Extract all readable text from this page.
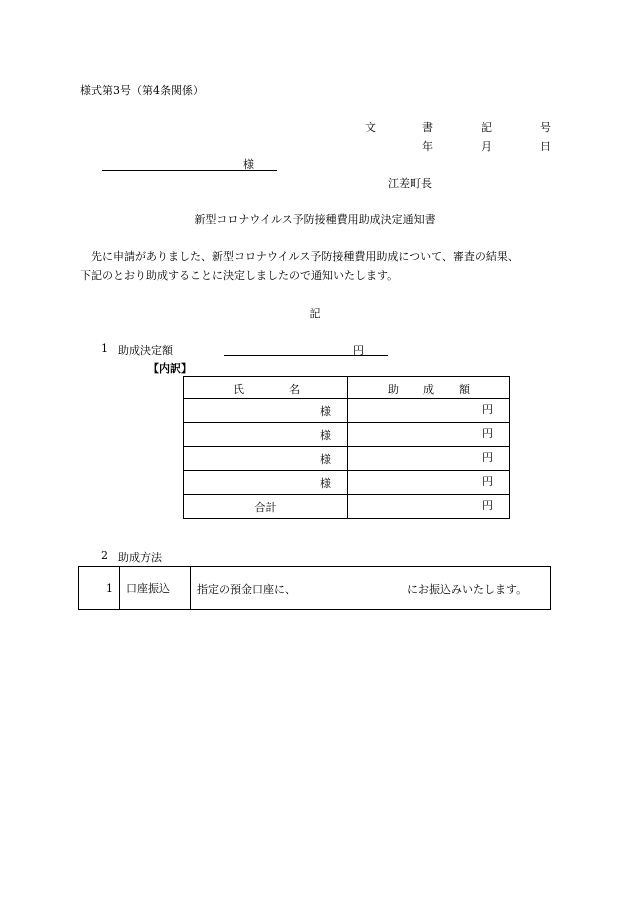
様式第3号（第4条関係）
文	書	記	号
年	月	日
様
江差町長
新型コロナウイルス予防接種費用助成決定通知書
先に申請がありました、新型コロナウイルス予防接種費用助成について、審査の結果、
下記のとおり助成することに決定しましたので通知いたします。
記
1 助成決定額	円
【内訳】
氏 名	助 成 額

様	円
様	円
様	円
様	円
合計	円
2 助成方法
1	口座振込	指定の預金口座に、	にお振込みいたします。
